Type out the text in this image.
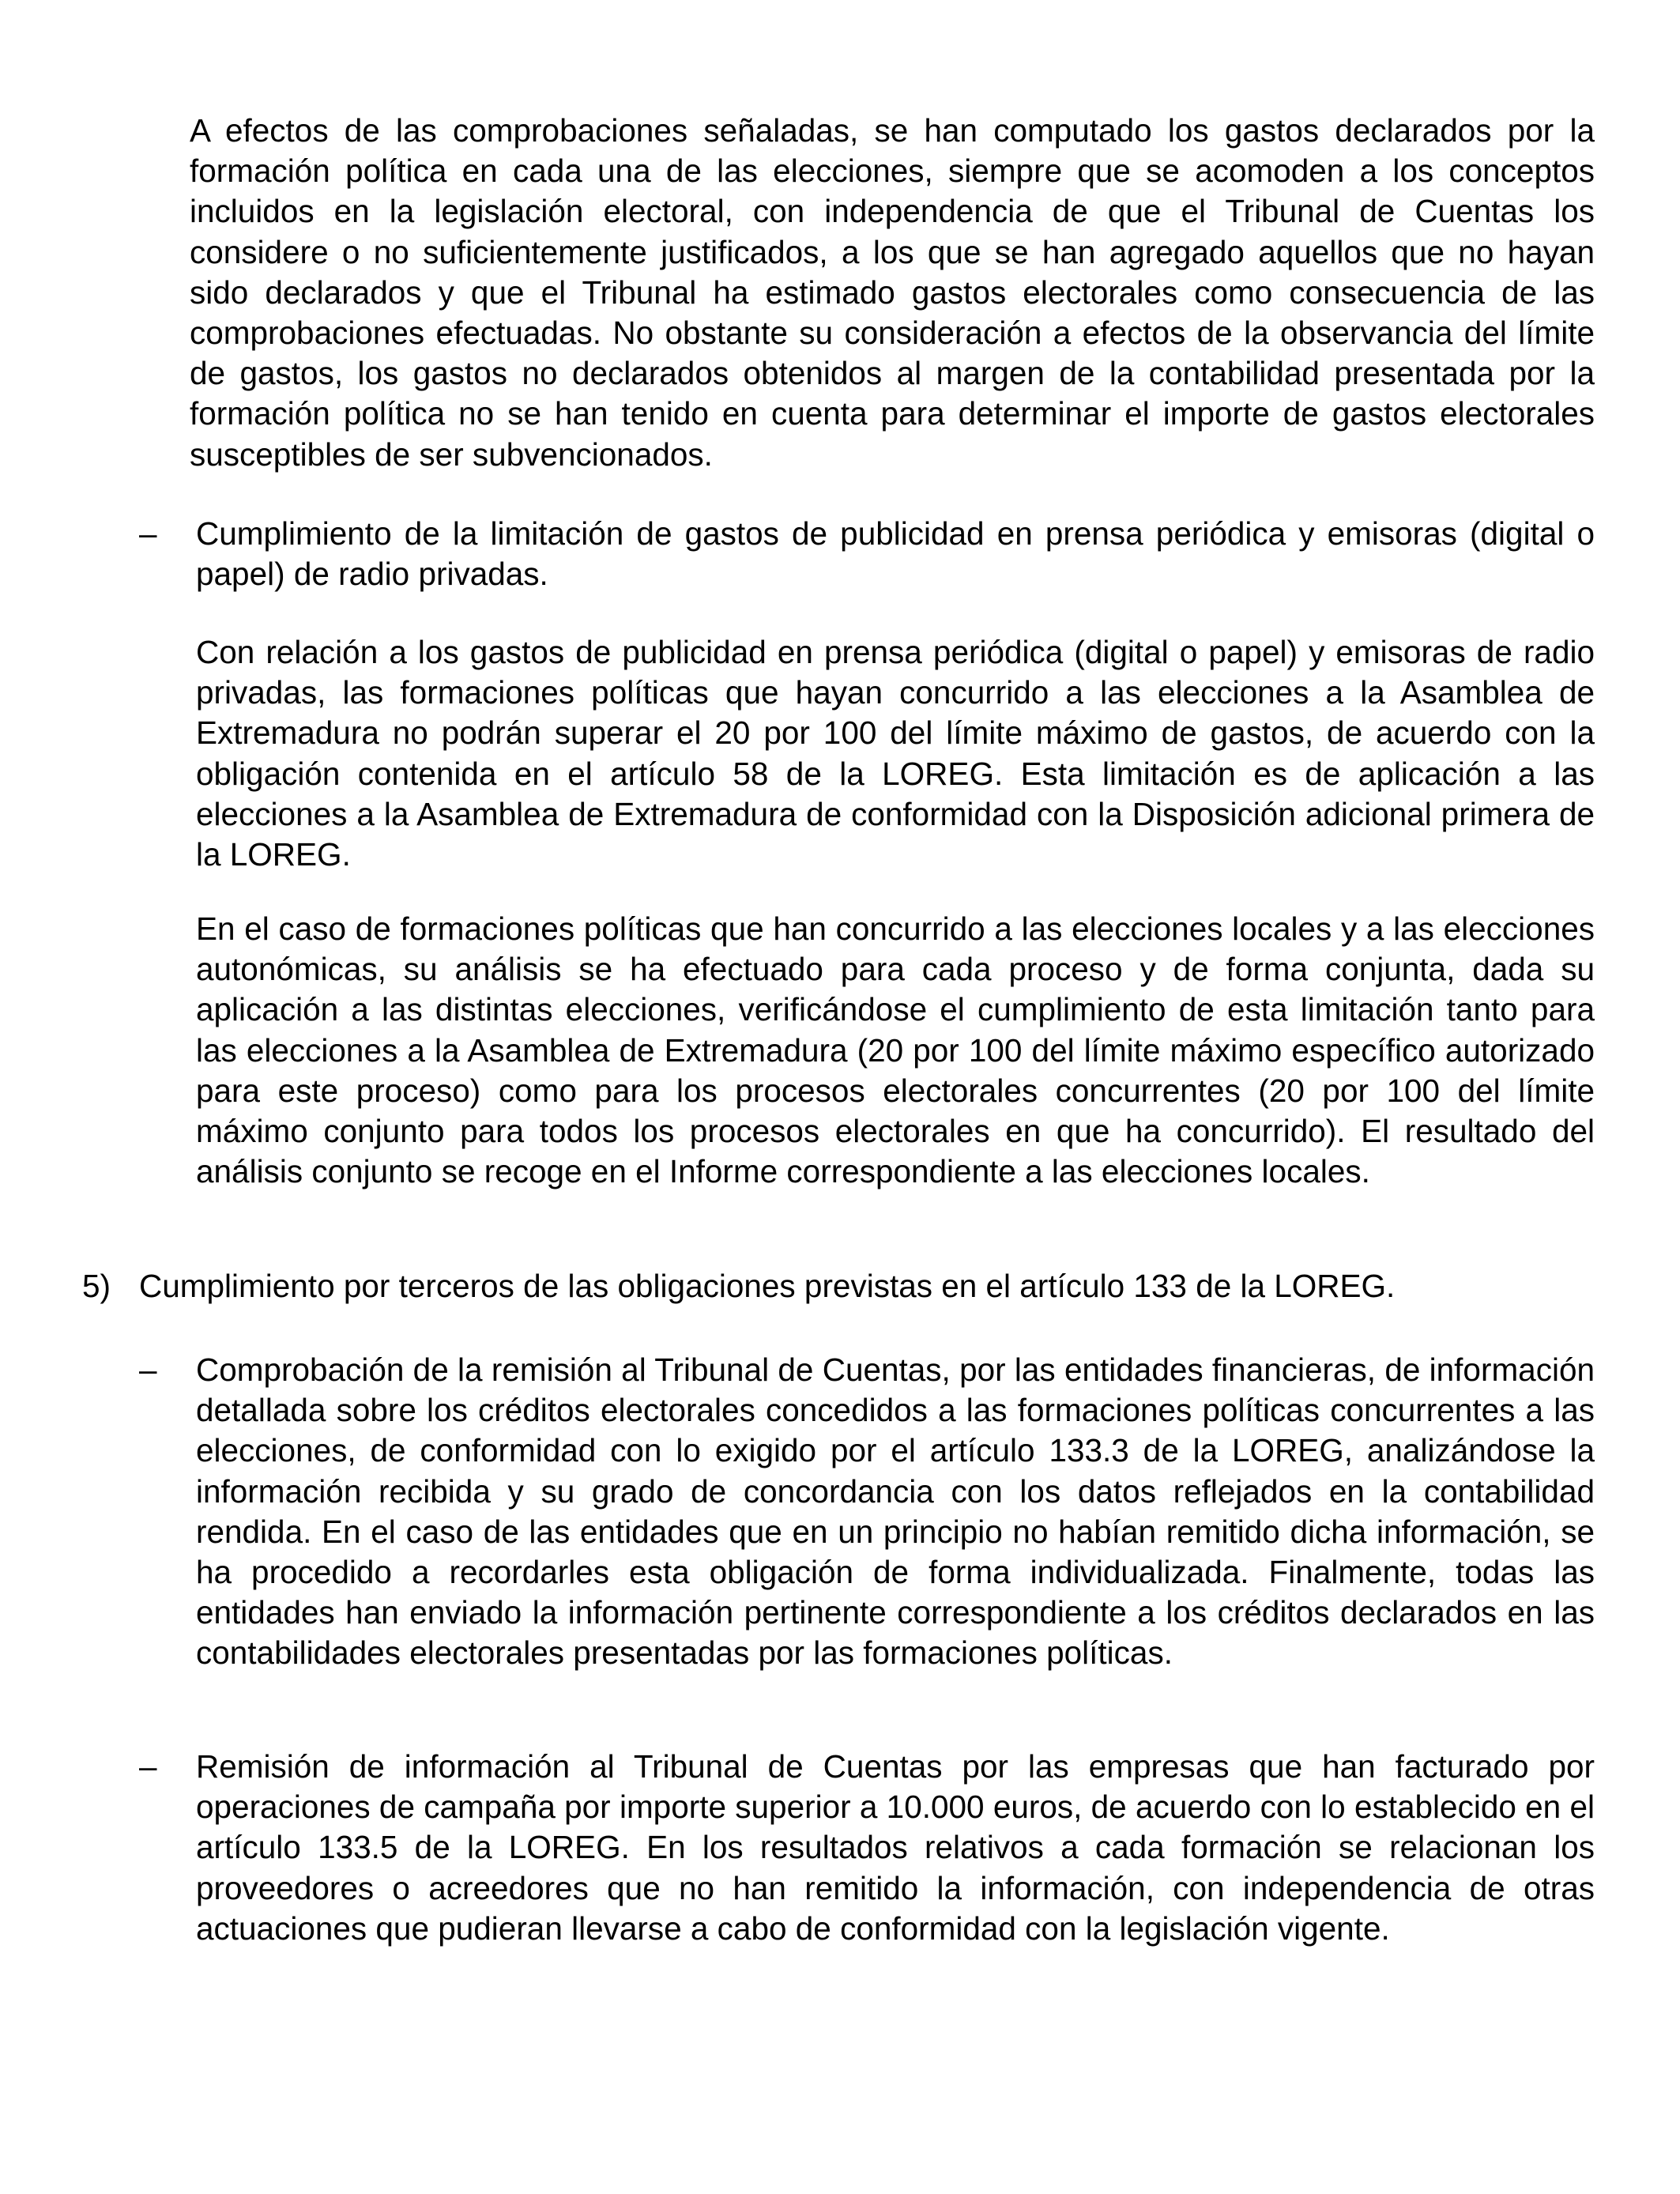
A efectos de las comprobaciones señaladas, se han computado los gastos declarados por la formación política en cada una de las elecciones, siempre que se acomoden a los conceptos incluidos en la legislación electoral, con independencia de que el Tribunal de Cuentas los considere o no suficientemente justificados, a los que se han agregado aquellos que no hayan sido declarados y que el Tribunal ha estimado gastos electorales como consecuencia de las comprobaciones efectuadas. No obstante su consideración a efectos de la observancia del límite de gastos, los gastos no declarados obtenidos al margen de la contabilidad presentada por la formación política no se han tenido en cuenta para determinar el importe de gastos electorales susceptibles de ser subvencionados.

– Cumplimiento de la limitación de gastos de publicidad en prensa periódica y emisoras (digital o papel) de radio privadas.

Con relación a los gastos de publicidad en prensa periódica (digital o papel) y emisoras de radio privadas, las formaciones políticas que hayan concurrido a las elecciones a la Asamblea de Extremadura no podrán superar el 20 por 100 del límite máximo de gastos, de acuerdo con la obligación contenida en el artículo 58 de la LOREG. Esta limitación es de aplicación a las elecciones a la Asamblea de Extremadura de conformidad con la Disposición adicional primera de la LOREG.

En el caso de formaciones políticas que han concurrido a las elecciones locales y a las elecciones autonómicas, su análisis se ha efectuado para cada proceso y de forma conjunta, dada su aplicación a las distintas elecciones, verificándose el cumplimiento de esta limitación tanto para las elecciones a la Asamblea de Extremadura (20 por 100 del límite máximo específico autorizado para este proceso) como para los procesos electorales concurrentes (20 por 100 del límite máximo conjunto para todos los procesos electorales en que ha concurrido). El resultado del análisis conjunto se recoge en el Informe correspondiente a las elecciones locales.

5) Cumplimiento por terceros de las obligaciones previstas en el artículo 133 de la LOREG.

– Comprobación de la remisión al Tribunal de Cuentas, por las entidades financieras, de información detallada sobre los créditos electorales concedidos a las formaciones políticas concurrentes a las elecciones, de conformidad con lo exigido por el artículo 133.3 de la LOREG, analizándose la información recibida y su grado de concordancia con los datos reflejados en la contabilidad rendida. En el caso de las entidades que en un principio no habían remitido dicha información, se ha procedido a recordarles esta obligación de forma individualizada. Finalmente, todas las entidades han enviado la información pertinente correspondiente a los créditos declarados en las contabilidades electorales presentadas por las formaciones políticas.

– Remisión de información al Tribunal de Cuentas por las empresas que han facturado por operaciones de campaña por importe superior a 10.000 euros, de acuerdo con lo establecido en el artículo 133.5 de la LOREG. En los resultados relativos a cada formación se relacionan los proveedores o acreedores que no han remitido la información, con independencia de otras actuaciones que pudieran llevarse a cabo de conformidad con la legislación vigente.
